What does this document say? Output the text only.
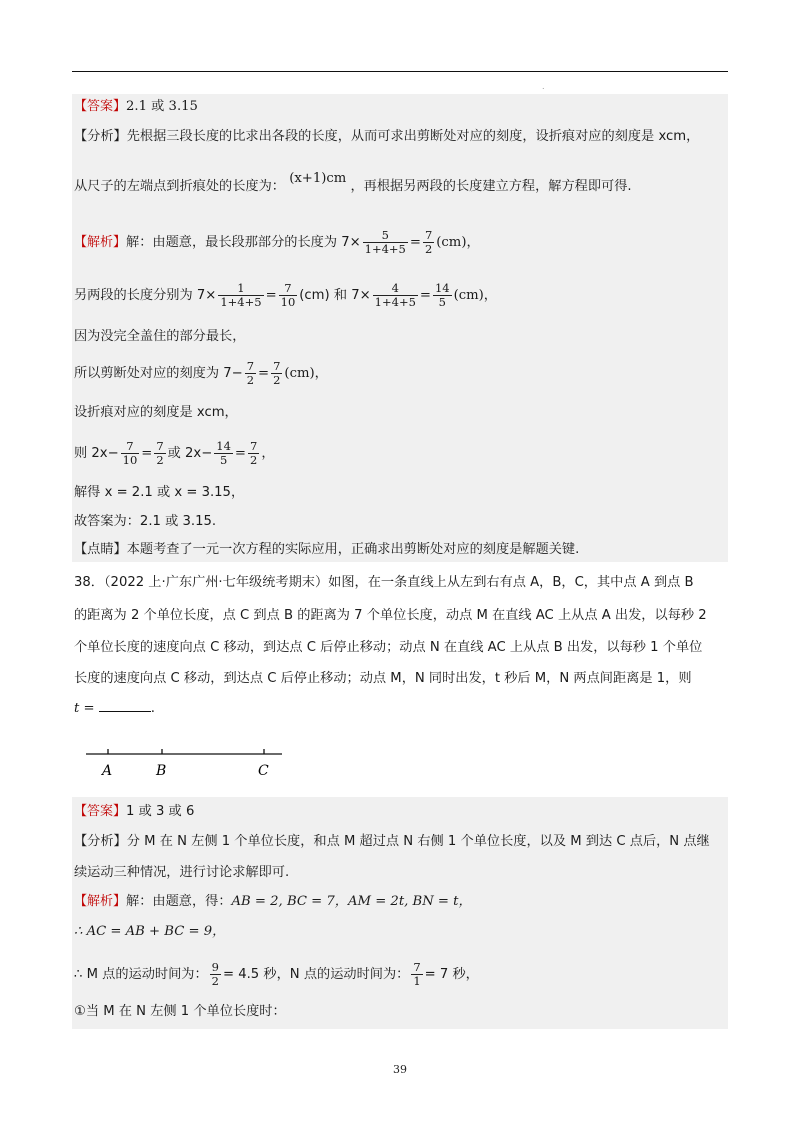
.
【答案】2.1 或 3.15
【分析】先根据三段长度的比求出各段的长度，从而可求出剪断处对应的刻度，设折痕对应的刻度是 xcm，
从尺子的左端点到折痕处的长度为： (x+1)cm ，再根据另两段的长度建立方程，解方程即可得.
【解析】解：由题意，最长段那部分的长度为 $7\times \frac{5}{1+4+5} = \frac{7}{2} (cm)$，
另两段的长度分别为 $7\times \frac{1}{1+4+5} = \frac{7}{10} (cm)$ 和 $7\times \frac{4}{1+4+5} = \frac{14}{5} (cm)$，
因为没完全盖住的部分最长，
所以剪断处对应的刻度为 $7- \frac{7}{2} = \frac{7}{2} (cm)$，
设折痕对应的刻度是 xcm，
则 $2x- \frac{7}{10} = \frac{7}{2}$ 或 $2x- \frac{14}{5} = \frac{7}{2}$ ，
解得 x = 2.1 或 x = 3.15，
故答案为：2.1 或 3.15.
【点睛】本题考查了一元一次方程的实际应用，正确求出剪断处对应的刻度是解题关键.
38．（2022 上·广东广州·七年级统考期末）如图，在一条直线上从左到右有点 A，B，C，其中点 A 到点 B
的距离为 2 个单位长度，点 C 到点 B 的距离为 7 个单位长度，动点 M 在直线 AC 上从点 A 出发，以每秒 2
个单位长度的速度向点 C 移动，到达点 C 后停止移动；动点 N 在直线 AC 上从点 B 出发，以每秒 1 个单位
长度的速度向点 C 移动，到达点 C 后停止移动；动点 M，N 同时出发，t 秒后 M，N 两点间距离是 1，则
t =	.
A	B	C
【答案】1 或 3 或 6
【分析】分 M 在 N 左侧 1 个单位长度，和点 M 超过点 N 右侧 1 个单位长度，以及 M 到达 C 点后，N 点继
续运动三种情况，进行讨论求解即可.
【解析】解：由题意，得：AB = 2, BC = 7，AM = 2t, BN = t，
∴ AC = AB + BC = 9，
∴ M 点的运动时间为： $\frac{9}{2} = 4.5$ 秒，N 点的运动时间为： $\frac{7}{1} = 7$ 秒，
①当 M 在 N 左侧 1 个单位长度时：
39
